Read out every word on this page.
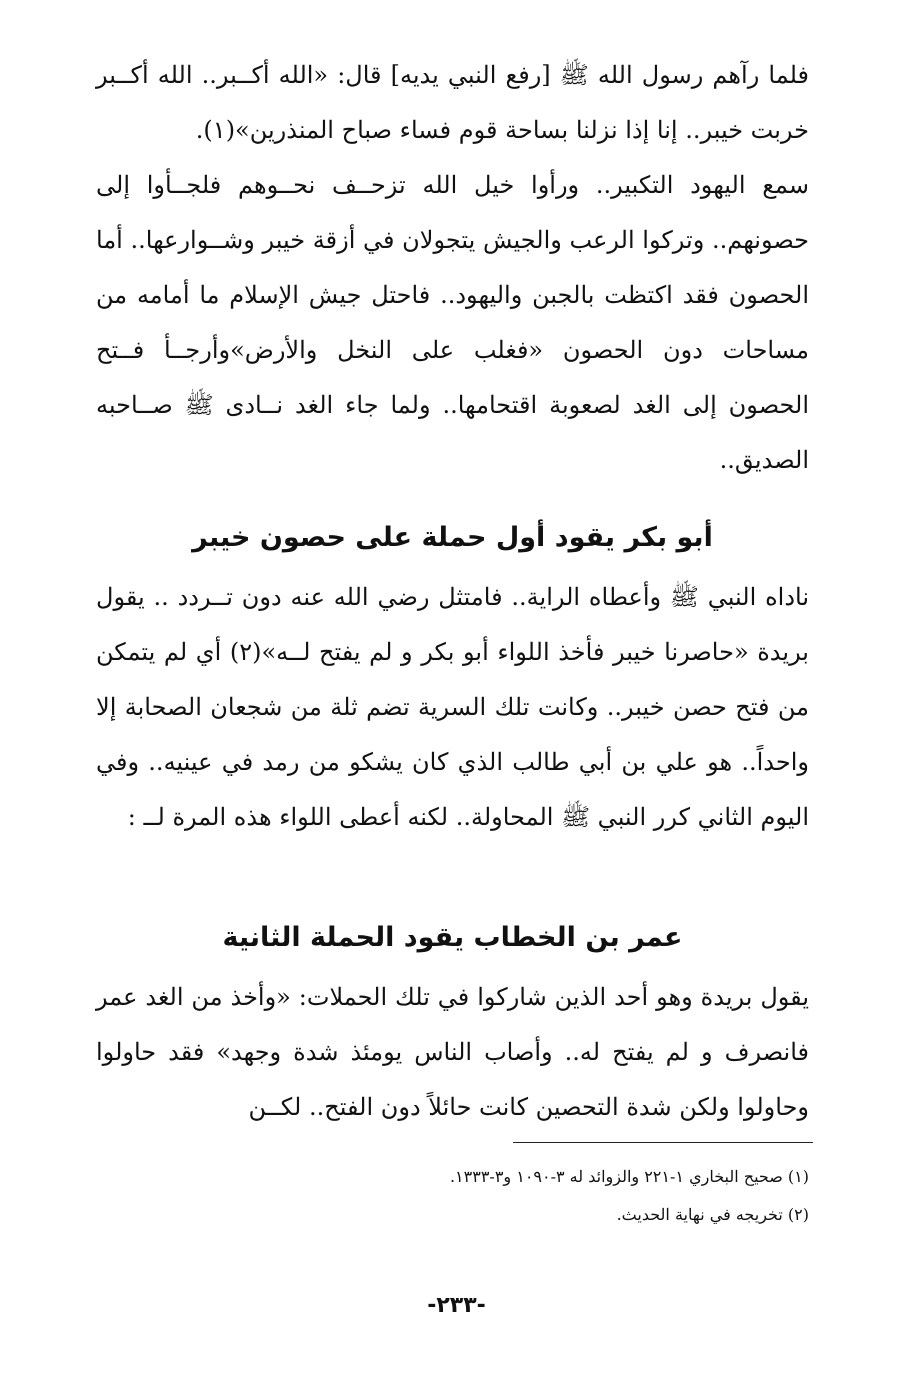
فلما رآهم رسول الله ﷺ [رفع النبي يديه] قال: «الله أكــبر.. الله أكــبر خربت خيبر.. إنا إذا نزلنا بساحة قوم فساء صباح المنذرين»(١).

سمع اليهود التكبير.. ورأوا خيل الله تزحــف نحــوهم فلجــأوا إلى حصونهم.. وتركوا الرعب والجيش يتجولان في أزقة خيبر وشــوارعها.. أما الحصون فقد اكتظت بالجبن واليهود.. فاحتل جيش الإسلام ما أمامه من مساحات دون الحصون «فغلب على النخل والأرض»وأرجــأ فــتح الحصون إلى الغد لصعوبة اقتحامها.. ولما جاء الغد نــادى ﷺ صــاحبه الصديق..

أبو بكر يقود أول حملة على حصون خيبر

ناداه النبي ﷺ وأعطاه الراية.. فامتثل رضي الله عنه دون تــردد .. يقول بريدة «حاصرنا خيبر فأخذ اللواء أبو بكر و لم يفتح لــه»(٢) أي لم يتمكن من فتح حصن خيبر.. وكانت تلك السرية تضم ثلة من شجعان الصحابة إلا واحداً.. هو علي بن أبي طالب الذي كان يشكو من رمد في عينيه.. وفي اليوم الثاني كرر النبي ﷺ المحاولة.. لكنه أعطى اللواء هذه المرة لــ :

عمر بن الخطاب يقود الحملة الثانية

يقول بريدة وهو أحد الذين شاركوا في تلك الحملات: «وأخذ من الغد عمر فانصرف و لم يفتح له.. وأصاب الناس يومئذ شدة وجهد» فقد حاولوا وحاولوا ولكن شدة التحصين كانت حائلاً دون الفتح.. لكــن

(١) صحيح البخاري ١-٢٢١ والزوائد له ٣-١٠٩٠ و٣-١٣٣٣.

(٢) تخريجه في نهاية الحديث.

-٢٣٣-
